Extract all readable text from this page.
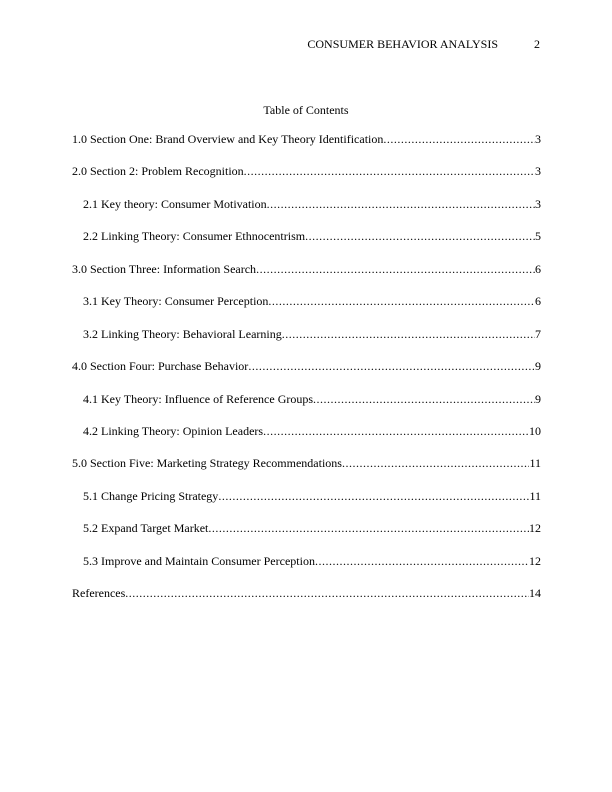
CONSUMER BEHAVIOR ANALYSIS	2
Table of Contents
1.0 Section One: Brand Overview and Key Theory Identification .....	3
2.0 Section 2: Problem Recognition .....	3
2.1 Key theory: Consumer Motivation .....	3
2.2 Linking Theory: Consumer Ethnocentrism .....	5
3.0 Section Three: Information Search .....	6
3.1 Key Theory: Consumer Perception .....	6
3.2 Linking Theory: Behavioral Learning .....	7
4.0 Section Four: Purchase Behavior .....	9
4.1 Key Theory: Influence of Reference Groups .....	9
4.2 Linking Theory: Opinion Leaders .....	10
5.0 Section Five: Marketing Strategy Recommendations .....	11
5.1 Change Pricing Strategy .....	11
5.2 Expand Target Market .....	12
5.3 Improve and Maintain Consumer Perception .....	12
References .....	14
